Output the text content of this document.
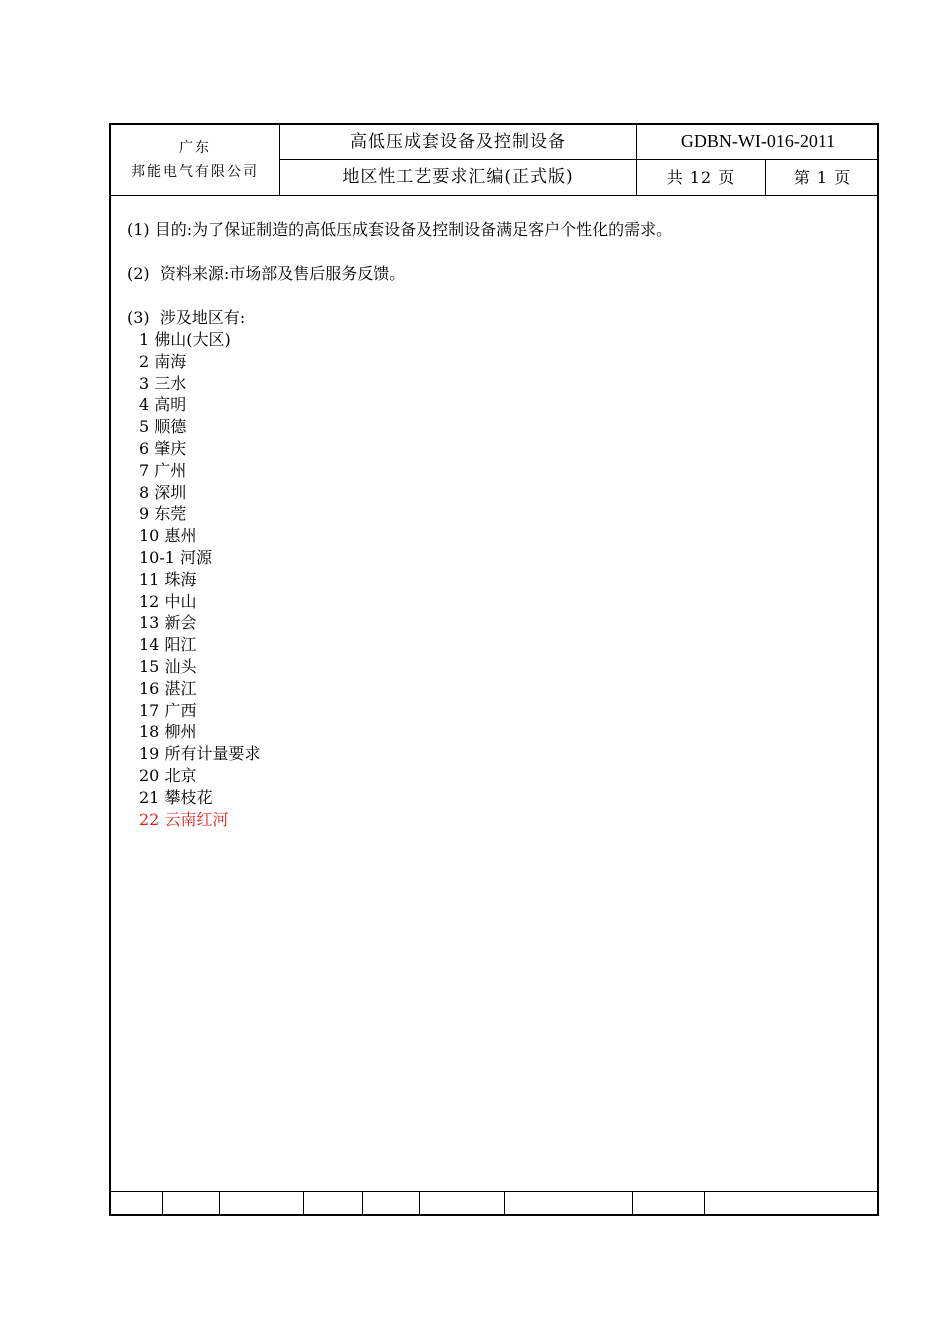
广东
邦能电气有限公司
高低压成套设备及控制设备
地区性工艺要求汇编(正式版)
GDBN-WI-016-2011
共 12 页	第 1 页

(1) 目的:为了保证制造的高低压成套设备及控制设备满足客户个性化的需求。

(2)  资料来源:市场部及售后服务反馈。

(3)  涉及地区有:

1 佛山(大区)
2 南海
3 三水
4 高明
5 顺德
6 肇庆
7 广州
8 深圳
9 东莞
10 惠州
10-1 河源
11 珠海
12 中山
13 新会
14 阳江
15 汕头
16 湛江
17 广西
18 柳州
19 所有计量要求
20 北京
21 攀枝花
22 云南红河
